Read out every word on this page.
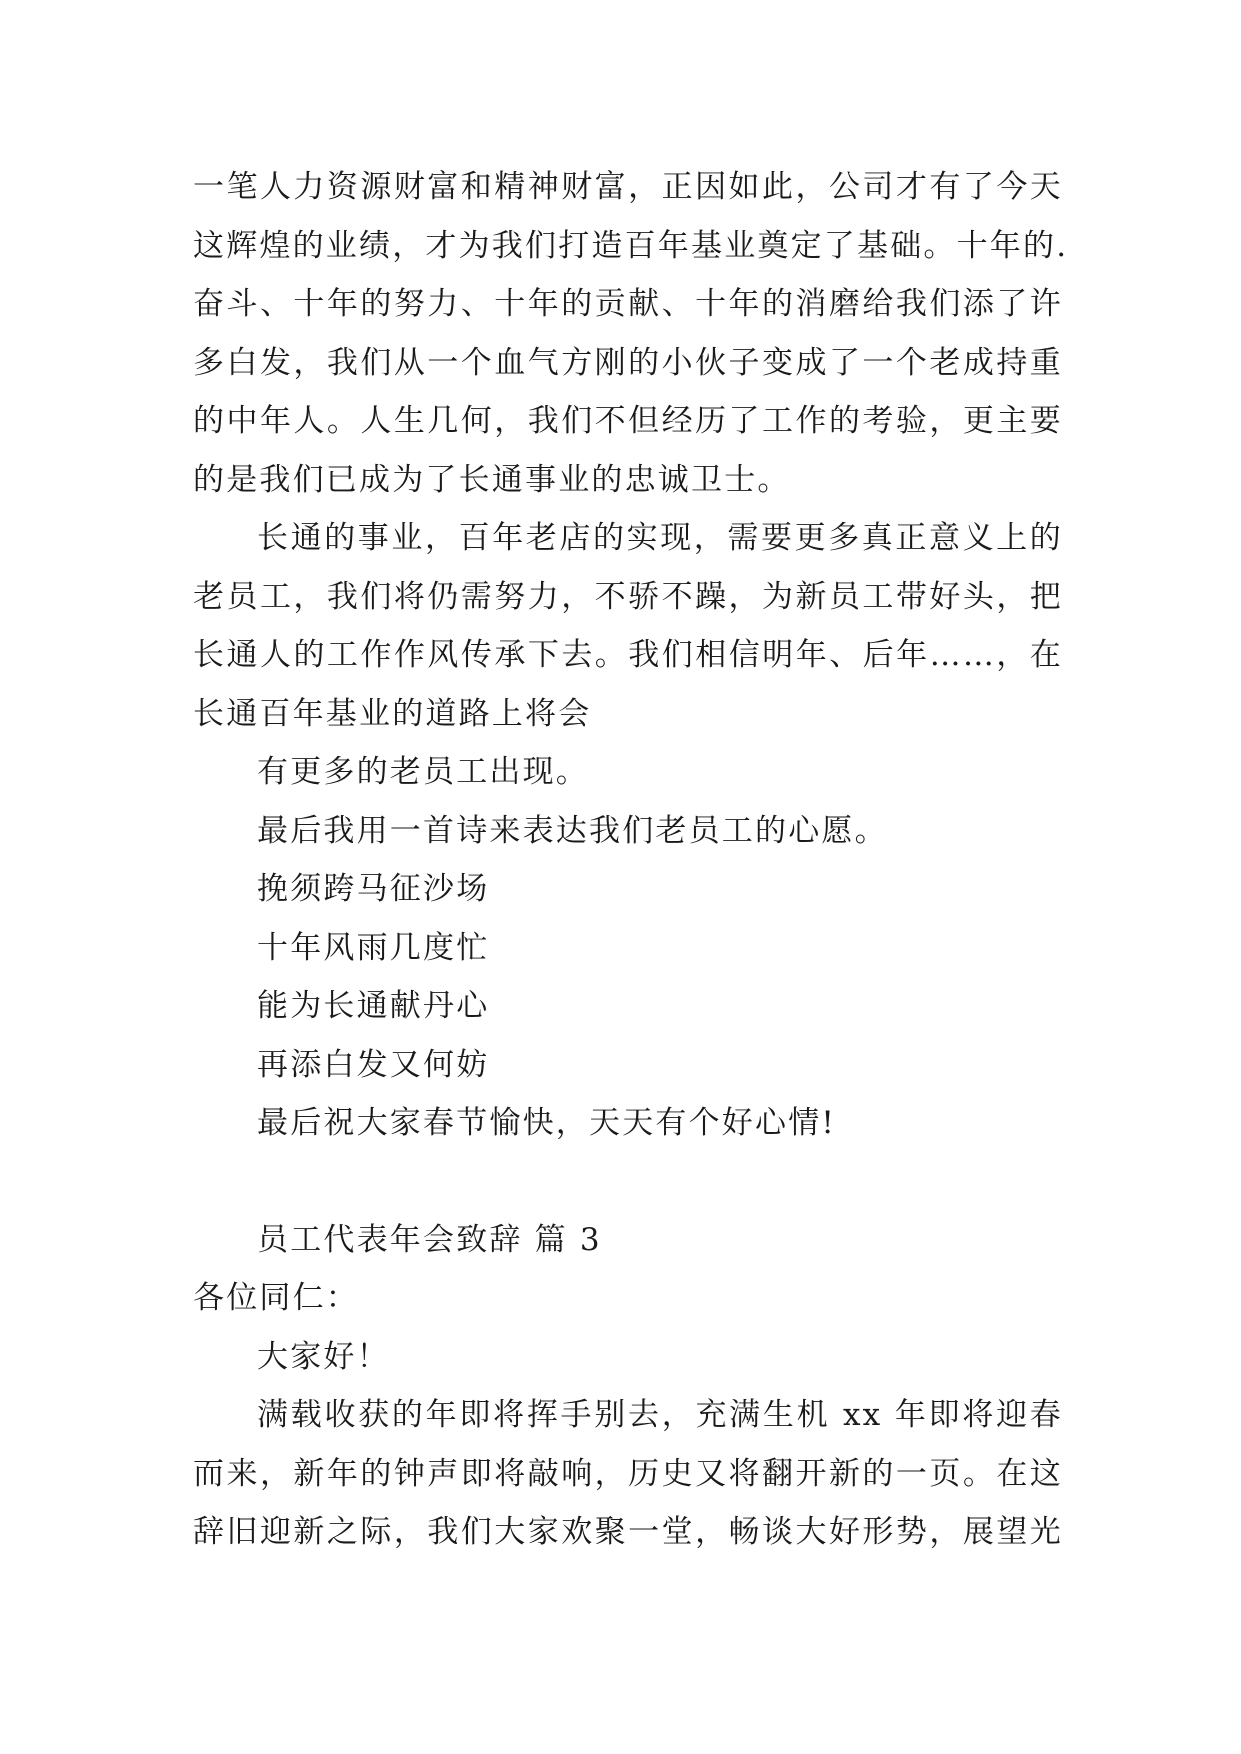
一笔人力资源财富和精神财富，正因如此，公司才有了今天
这辉煌的业绩，才为我们打造百年基业奠定了基础。十年的.
奋斗、十年的努力、十年的贡献、十年的消磨给我们添了许
多白发，我们从一个血气方刚的小伙子变成了一个老成持重
的中年人。人生几何，我们不但经历了工作的考验，更主要
的是我们已成为了长通事业的忠诚卫士。
长通的事业，百年老店的实现，需要更多真正意义上的
老员工，我们将仍需努力，不骄不躁，为新员工带好头，把
长通人的工作作风传承下去。我们相信明年、后年……，在
长通百年基业的道路上将会
有更多的老员工出现。
最后我用一首诗来表达我们老员工的心愿。
挽须跨马征沙场
十年风雨几度忙
能为长通献丹心
再添白发又何妨
最后祝大家春节愉快，天天有个好心情!
员工代表年会致辞 篇 3
各位同仁：
大家好！
满载收获的年即将挥手别去，充满生机 xx 年即将迎春
而来，新年的钟声即将敲响，历史又将翻开新的一页。在这
辞旧迎新之际，我们大家欢聚一堂，畅谈大好形势，展望光
